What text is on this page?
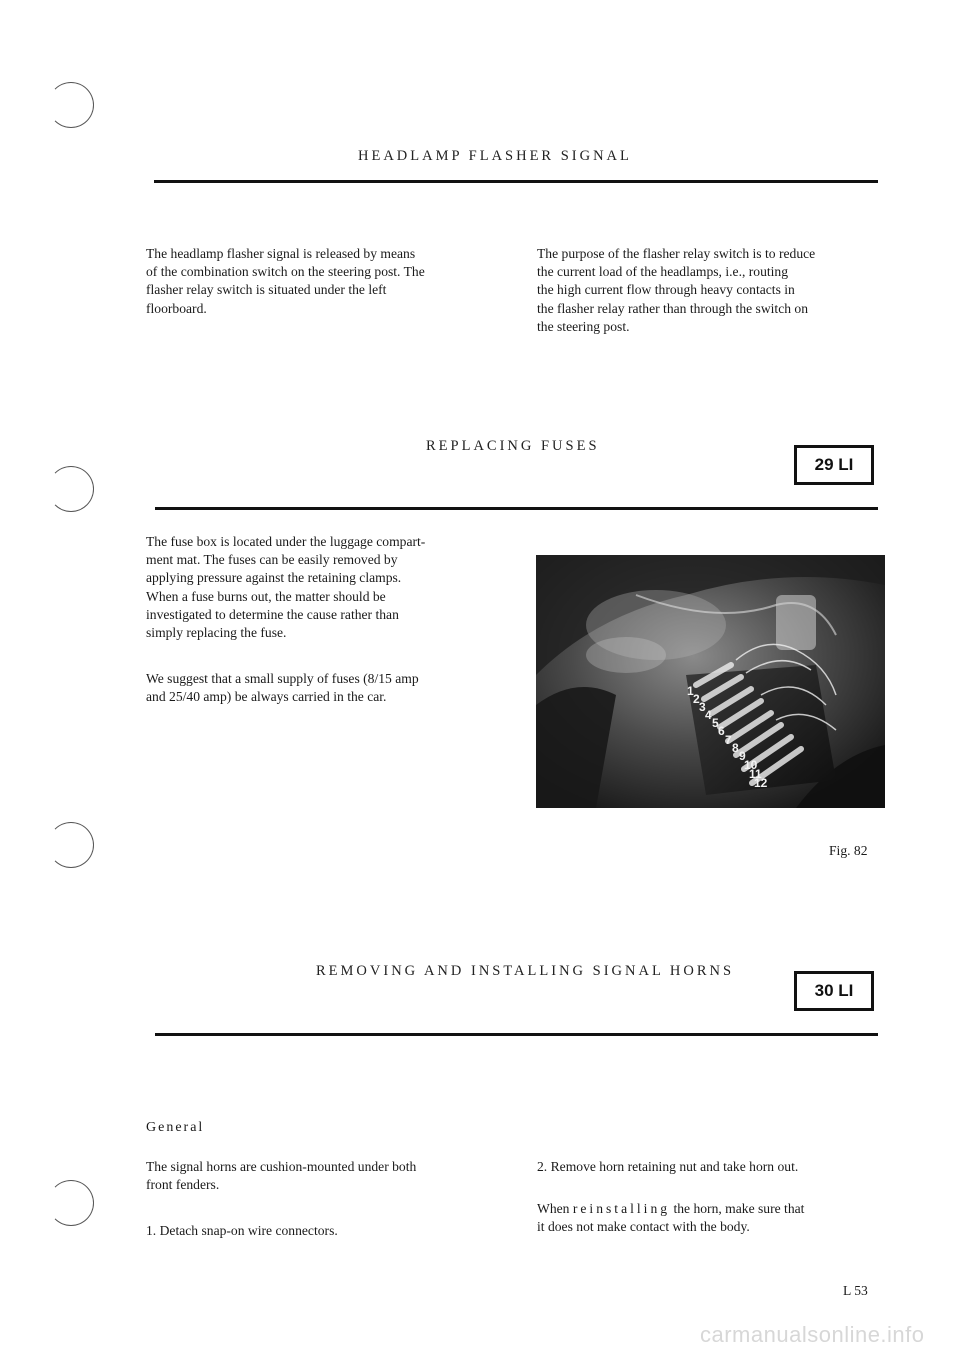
HEADLAMP FLASHER SIGNAL
The headlamp flasher signal is released by means
of the combination switch on the steering post. The
flasher relay switch is situated under the left
floorboard.
The purpose of the flasher relay switch is to reduce
the current load of the headlamps, i.e., routing
the high current flow through heavy contacts in
the flasher relay rather than through the switch on
the steering post.
REPLACING FUSES
29 LI
The fuse box is located under the luggage compart-
ment mat. The fuses can be easily removed by
applying pressure against the retaining clamps.
When a fuse burns out, the matter should be
investigated to determine the cause rather than
simply replacing the fuse.
We suggest that a small supply of fuses (8/15 amp
and 25/40 amp) be always carried in the car.	1
2
3
4
5
6
7
8
9
10
11
12
Fig. 82
REMOVING AND INSTALLING SIGNAL HORNS
30 LI
General
The signal horns are cushion-mounted under both
front fenders.
1. Detach snap-on wire connectors.
2. Remove horn retaining nut and take horn out.
When reinstalling the horn, make sure that
it does not make contact with the body.
L 53
carmanualsonline.info
